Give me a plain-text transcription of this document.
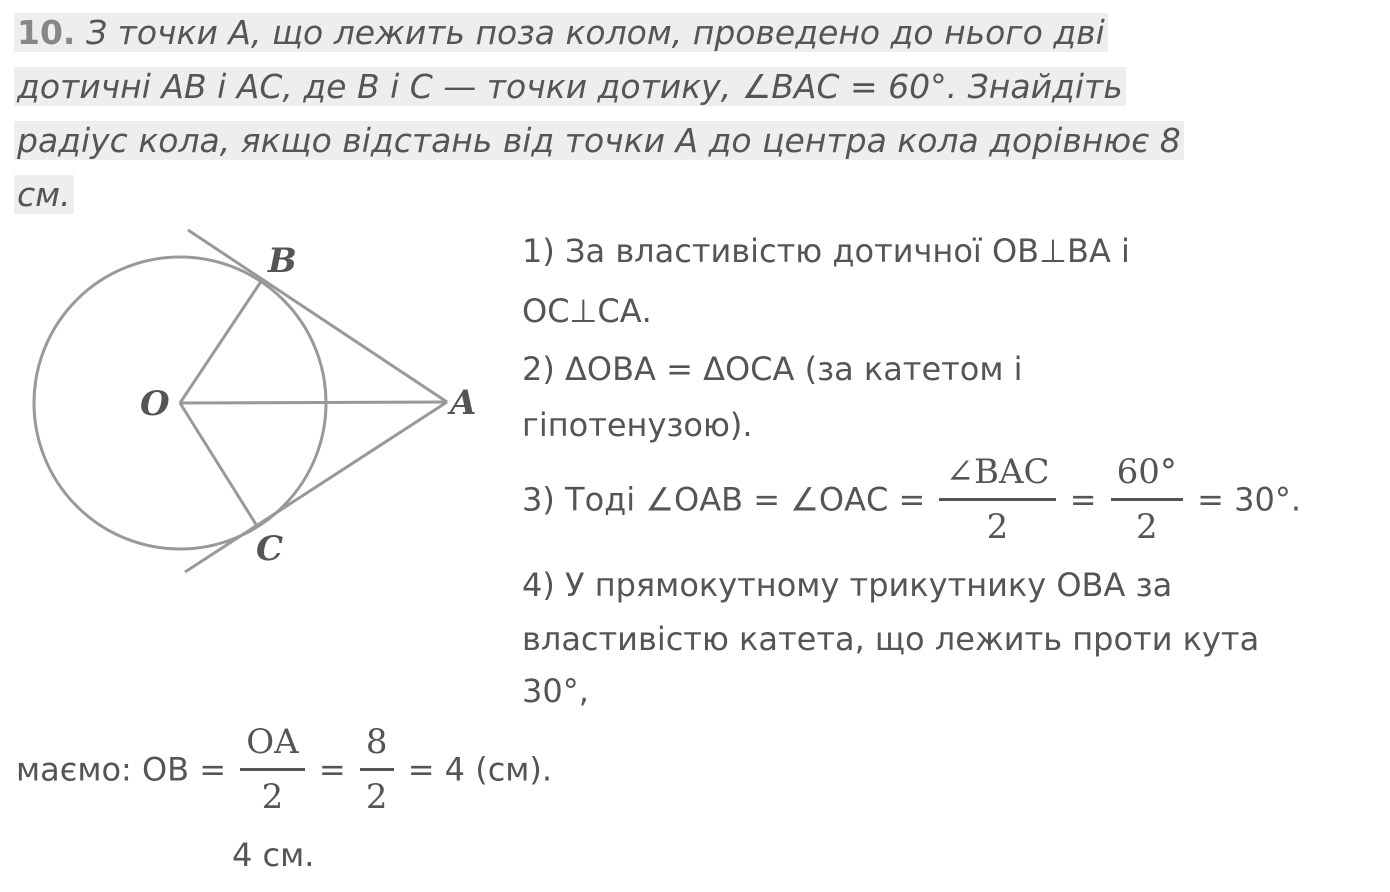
10. З точки А, що лежить поза колом, проведено до нього дві
дотичні АВ і АС, де В і С — точки дотику, ∠ВАС = 60°. Знайдіть
радіус кола, якщо відстань від точки А до центра кола дорівнює 8
см.
B
O	A
C
1) За властивістю дотичної ОВ⊥ВА і
ОС⊥СА.
2) ΔОВА = ΔОСА (за катетом і
гіпотенузою).
3) Тоді ∠ОАВ = ∠ОАС = $\frac{\text{∠BAC}}{2} = \frac{60^\circ}{2} = 30^\circ$.
4) У прямокутному трикутнику ОВА за
властивістю катета, що лежить проти кута
30°,
маємо: ОВ = $\frac{OA}{2} = \frac{8}{2} = 4$ (см).
4 см.
